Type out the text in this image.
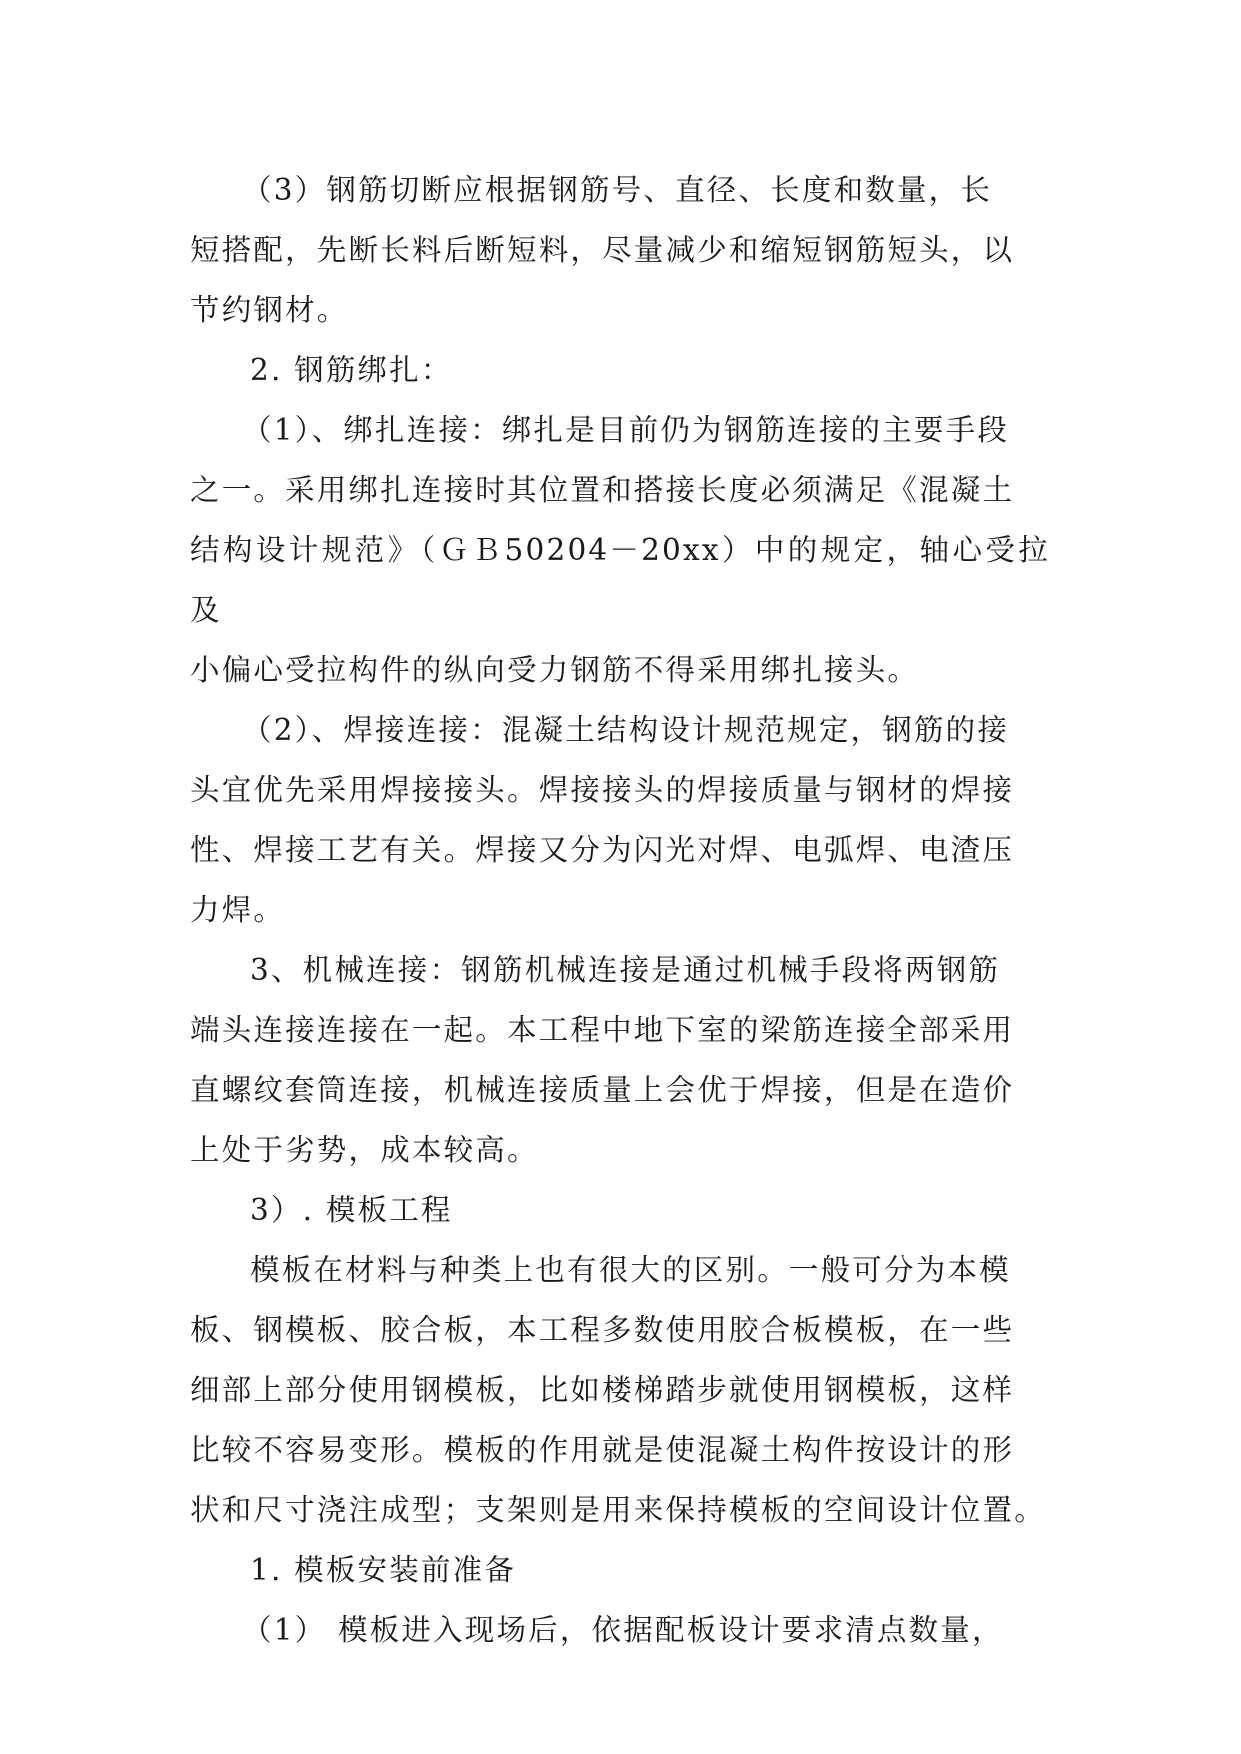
（3）钢筋切断应根据钢筋号、直径、长度和数量，长
短搭配，先断长料后断短料，尽量减少和缩短钢筋短头，以
节约钢材。

2. 钢筋绑扎：

（1）、绑扎连接：绑扎是目前仍为钢筋连接的主要手段
之一。采用绑扎连接时其位置和搭接长度必须满足《混凝土
结构设计规范》（ＧＢ50204－20xx）中的规定，轴心受拉及
小偏心受拉构件的纵向受力钢筋不得采用绑扎接头。

（2）、焊接连接：混凝土结构设计规范规定，钢筋的接
头宜优先采用焊接接头。焊接接头的焊接质量与钢材的焊接
性、焊接工艺有关。焊接又分为闪光对焊、电弧焊、电渣压
力焊。

3、机械连接：钢筋机械连接是通过机械手段将两钢筋
端头连接连接在一起。本工程中地下室的梁筋连接全部采用
直螺纹套筒连接，机械连接质量上会优于焊接，但是在造价
上处于劣势，成本较高。

3）. 模板工程

模板在材料与种类上也有很大的区别。一般可分为本模
板、钢模板、胶合板，本工程多数使用胶合板模板，在一些
细部上部分使用钢模板，比如楼梯踏步就使用钢模板，这样
比较不容易变形。模板的作用就是使混凝土构件按设计的形
状和尺寸浇注成型；支架则是用来保持模板的空间设计位置。

1. 模板安装前准备

（1） 模板进入现场后，依据配板设计要求清点数量，
